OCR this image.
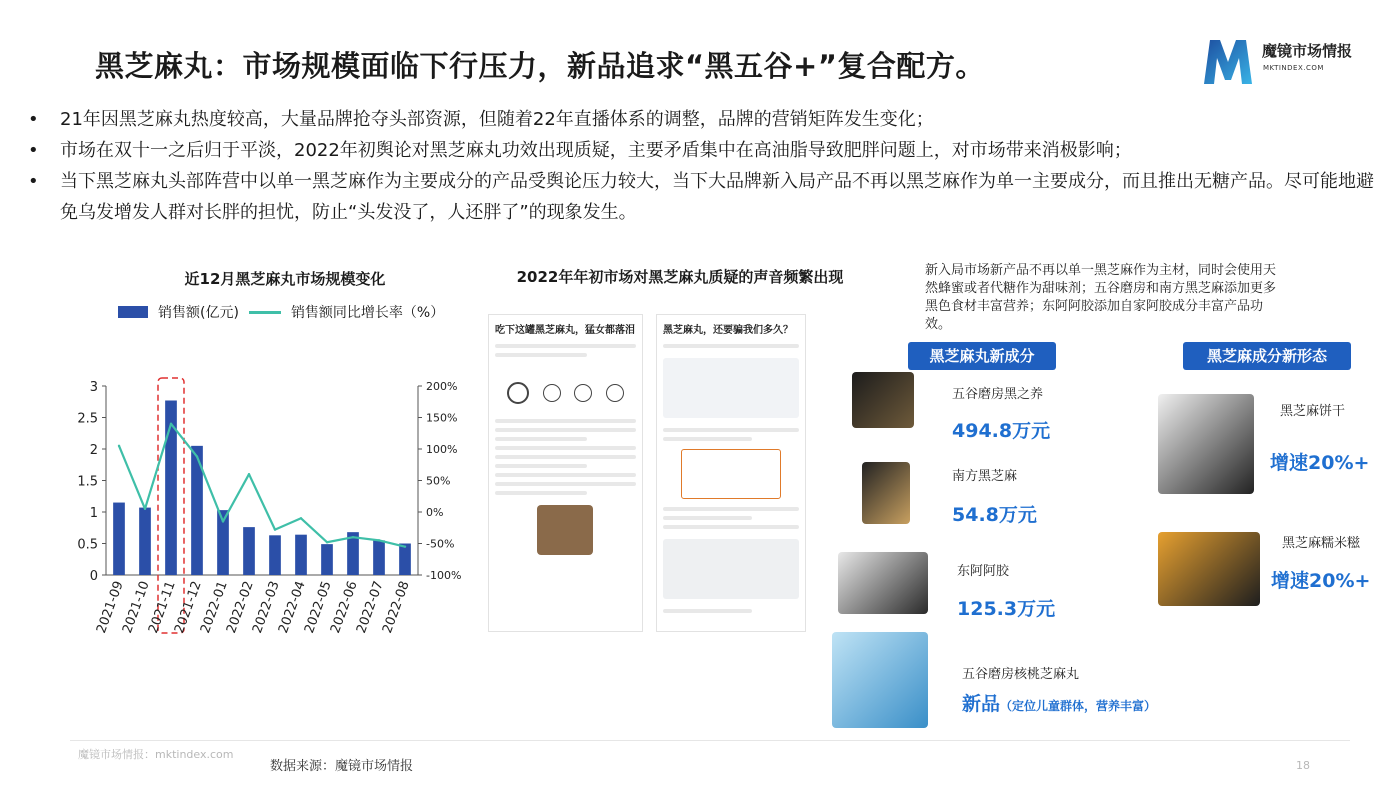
黑芝麻丸：市场规模面临下行压力，新品追求“黑五谷+”复合配方。	魔镜市场情报
MKTINDEX.COM
• 21年因黑芝麻丸热度较高，大量品牌抢夺头部资源，但随着22年直播体系的调整，品牌的营销矩阵发生变化；
• 市场在双十一之后归于平淡，2022年初舆论对黑芝麻丸功效出现质疑，主要矛盾集中在高油脂导致肥胖问题上，对市场带来消极影响；
• 当下黑芝麻丸头部阵营中以单一黑芝麻作为主要成分的产品受舆论压力较大，当下大品牌新入局产品不再以黑芝麻作为单一主要成分，而且推出无糖产品。尽可能地避免乌发增发人群对长胖的担忧，防止“头发没了，人还胖了”的现象发生。
近12月黑芝麻丸市场规模变化
销售额(亿元)	销售额同比增长率（%）
0
0.5
1
1.5
2
2.5
3
-100%
-50%
0%
50%
100%
150%
200%
2021-09
2021-10
2021-11
2021-12
2022-01
2022-02
2022-03
2022-04
2022-05
2022-06
2022-07
2022-08
2022年年初市场对黑芝麻丸质疑的声音频繁出现
吃下这罐黑芝麻丸，猛女都落泪	黑芝麻丸，还要骗我们多久？
新入局市场新产品不再以单一黑芝麻作为主材，同时会使用天然蜂蜜或者代糖作为甜味剂；五谷磨房和南方黑芝麻添加更多黑色食材丰富营养；东阿阿胶添加自家阿胶成分丰富产品功效。
黑芝麻丸新成分	黑芝麻成分新形态
五谷磨房黑之养
494.8万元
南方黑芝麻
54.8万元
东阿阿胶
125.3万元
五谷磨房核桃芝麻丸
新品（定位儿童群体，营养丰富）
黑芝麻饼干
增速20%+
黑芝麻糯米糍
增速20%+
魔镜市场情报：mktindex.com
数据来源：魔镜市场情报	18
